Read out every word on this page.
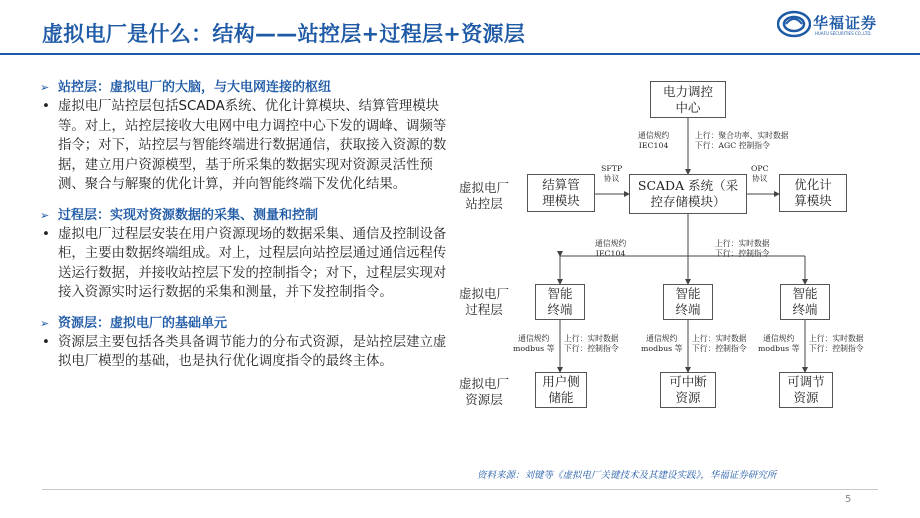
虚拟电厂是什么：结构——站控层+过程层+资源层	华福证券
HUAFU SECURITIES CO.,LTD.
➢ 站控层：虚拟电厂的大脑，与大电网连接的枢纽
• 虚拟电厂站控层包括SCADA系统、优化计算模块、结算管理模块等。对上，站控层接收大电网中电力调控中心下发的调峰、调频等指令；对下，站控层与智能终端进行数据通信，获取接入资源的数据，建立用户资源模型，基于所采集的数据实现对资源灵活性预测、聚合与解聚的优化计算，并向智能终端下发优化结果。
➢ 过程层：实现对资源数据的采集、测量和控制
• 虚拟电厂过程层安装在用户资源现场的数据采集、通信及控制设备柜，主要由数据终端组成。对上，过程层向站控层通过通信远程传送运行数据，并接收站控层下发的控制指令；对下，过程层实现对接入资源实时运行数据的采集和测量，并下发控制指令。
➢ 资源层：虚拟电厂的基础单元
• 资源层主要包括各类具备调节能力的分布式资源，是站控层建立虚拟电厂模型的基础，也是执行优化调度指令的最终主体。
电力调控
中心
通信规约
IEC104
上行：聚合功率、实时数据
下行：AGC 控制指令
虚拟电厂
站控层
SFTP
协议
OPC
协议
结算管
理模块
SCADA 系统（采
控存储模块）
优化计
算模块
通信规约
IEC104
上行：实时数据
下行：控制指令
虚拟电厂
过程层
智能
终端
智能
终端
智能
终端
通信规约
modbus 等
上行：实时数据
下行：控制指令
通信规约
modbus 等
上行：实时数据
下行：控制指令
通信规约
modbus 等
上行：实时数据
下行：控制指令
虚拟电厂
资源层
用户侧
储能
可中断
资源
可调节
资源
资料来源：刘键等《虚拟电厂关键技术及其建设实践》，华福证券研究所
5
